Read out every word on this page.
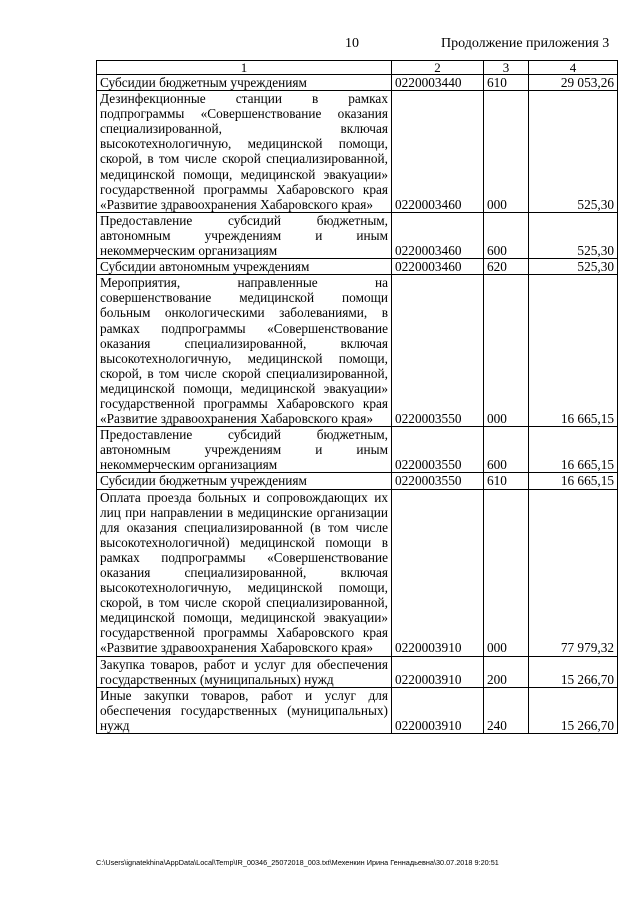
10	Продолжение приложения 3
1	2	3	4
Субсидии бюджетным учреждениям	0220003440	610	29 053,26
Дезинфекционные станции в рамках подпрограммы «Совершенствование оказания специализированной, включая высокотехнологичную, медицинской помощи, скорой, в том числе скорой специализированной, медицинской помощи, медицинской эвакуации» государственной программы Хабаровского края «Развитие здравоохранения Хабаровского края»	0220003460	000	525,30
Предоставление субсидий бюджетным, автономным учреждениям и иным некоммерческим организациям	0220003460	600	525,30
Субсидии автономным учреждениям	0220003460	620	525,30
Мероприятия, направленные на совершенствование медицинской помощи больным онкологическими заболеваниями, в рамках подпрограммы «Совершенствование оказания специализированной, включая высокотехнологичную, медицинской помощи, скорой, в том числе скорой специализированной, медицинской помощи, медицинской эвакуации» государственной программы Хабаровского края «Развитие здравоохранения Хабаровского края»	0220003550	000	16 665,15
Предоставление субсидий бюджетным, автономным учреждениям и иным некоммерческим организациям	0220003550	600	16 665,15
Субсидии бюджетным учреждениям	0220003550	610	16 665,15
Оплата проезда больных и сопровождающих их лиц при направлении в медицинские организации для оказания специализированной (в том числе высокотехнологичной) медицинской помощи в рамках подпрограммы «Совершенствование оказания специализированной, включая высокотехнологичную, медицинской помощи, скорой, в том числе скорой специализированной, медицинской помощи, медицинской эвакуации» государственной программы Хабаровского края «Развитие здравоохранения Хабаровского края»	0220003910	000	77 979,32
Закупка товаров, работ и услуг для обеспечения государственных (муниципальных) нужд	0220003910	200	15 266,70
Иные закупки товаров, работ и услуг для обеспечения государственных (муниципальных) нужд	0220003910	240	15 266,70
C:\Users\ignatekhina\AppData\Local\Temp\IR_00346_25072018_003.txt\Мехенкин Ирина Геннадьевна\30.07.2018 9:20:51
